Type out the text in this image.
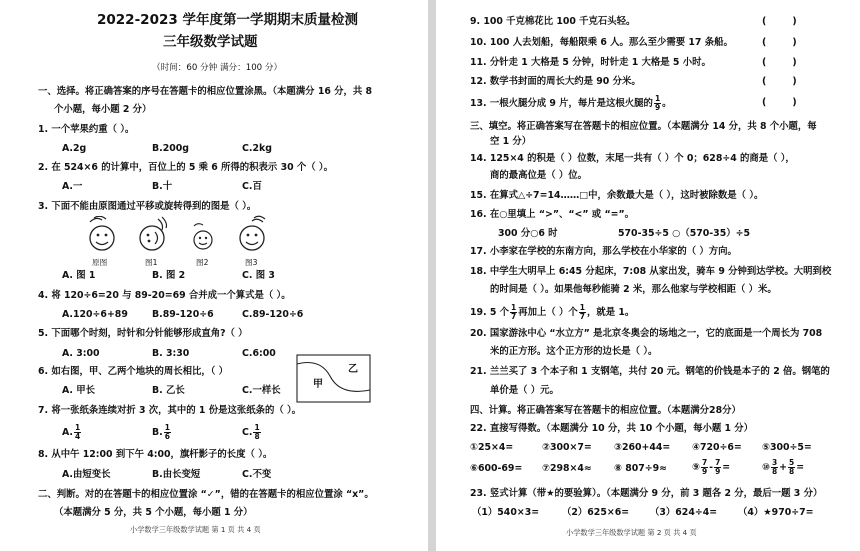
2022-2023 学年度第一学期期末质量检测
三年级数学试题
（时间：60 分钟 满分：100 分）
一、选择。将正确答案的序号在答题卡的相应位置涂黑。（本题满分 16 分，共 8
个小题，每小题 2 分）
1. 一个苹果约重（ ）。
A.2g	B.200g	C.2kg
2. 在 524×6 的计算中，百位上的 5 乘 6 所得的积表示 30 个（ ）。
A.一	B.十	C.百
3. 下面不能由原图通过平移或旋转得到的图是（ ）。
原图	图1	图2	图3
A. 图 1	B. 图 2	C. 图 3
4. 将 120÷6=20 与 89-20=69 合并成一个算式是（ ）。
A.120÷6+89	B.89-120÷6	C.89-120÷6
5. 下面哪个时刻，时针和分针能够形成直角?（ ）
A. 3:00	B. 3:30	C.6:00
6. 如右图，甲、乙两个地块的周长相比，（ ）
A. 甲长	B. 乙长	C.一样长
甲
乙
7. 将一张纸条连续对折 3 次，其中的 1 份是这张纸条的（ ）。
A. $\frac{1}{4}$	B. $\frac{1}{6}$	C. $\frac{1}{8}$
8. 从中午 12:00 到下午 4:00，旗杆影子的长度（ ）。
A.由短变长	B.由长变短	C.不变
二、判断。对的在答题卡的相应位置涂 “✓”，错的在答题卡的相应位置涂 “x”。
（本题满分 5 分，共 5 个小题，每小题 1 分）
小学数学三年级数学试题 第 1 页 共 4 页
9. 100 千克棉花比 100 千克石头轻。	(        )
10. 100 人去划船，每船限乘 6 人。那么至少需要 17 条船。	(        )
11. 分针走 1 大格是 5 分钟，时针走 1 大格是 5 小时。	(        )
12. 数学书封面的周长大约是 90 分米。	(        )
13. 一根火腿分成 9 片，每片是这根火腿的 $\frac{1}{9}$ 。	(        )
三、填空。将正确答案写在答题卡的相应位置。（本题满分 14 分，共 8 个小题，每
空 1 分）
14. 125×4 的积是（ ）位数，末尾一共有（ ）个 0；628÷4 的商是（ ），
商的最高位是（ ）位。
15. 在算式△÷7=14……□中，余数最大是（ ），这时被除数是（ ）。
16. 在○里填上 “>”、“<” 或 “=”。
300 分○6 时	570-35÷5 ○（570-35）÷5
17. 小李家在学校的东南方向，那么学校在小华家的（ ）方向。
18. 中学生大明早上 6:45 分起床，7:08 从家出发，骑车 9 分钟到达学校。大明到校
的时间是（ ）。如果他每秒能骑 2 米，那么他家与学校相距（ ）米。
19. 5 个 $\frac{1}{7}$ 再加上（ ）个 $\frac{1}{7}$ ，就是 1。
20. 国家游泳中心 “水立方” 是北京冬奥会的场地之一，它的底面是一个周长为 708
米的正方形。这个正方形的边长是（ ）。
21. 兰兰买了 3 个本子和 1 支钢笔，共付 20 元。钢笔的价钱是本子的 2 倍。钢笔的
单价是（ ）元。
四、计算。将正确答案写在答题卡的相应位置。（本题满分28分）
22. 直接写得数。（本题满分 10 分，共 10 个小题，每小题 1 分）
①25×4=	②300×7= ③260+44= ④720÷6= ⑤300÷5=
⑥600-69= ⑦298×4≈ ⑧ 807÷9≈	⑨ $\frac{7}{9} - \frac{7}{9}$ =	⑩ $\frac{3}{8} + \frac{5}{8}$ =
23. 竖式计算（带★的要验算）。（本题满分 9 分，前 3 题各 2 分，最后一题 3 分）
（1）540×3= （2）625×6= （3）624÷4= （4）★970÷7=
小学数学三年级数学试题 第 2 页 共 4 页
